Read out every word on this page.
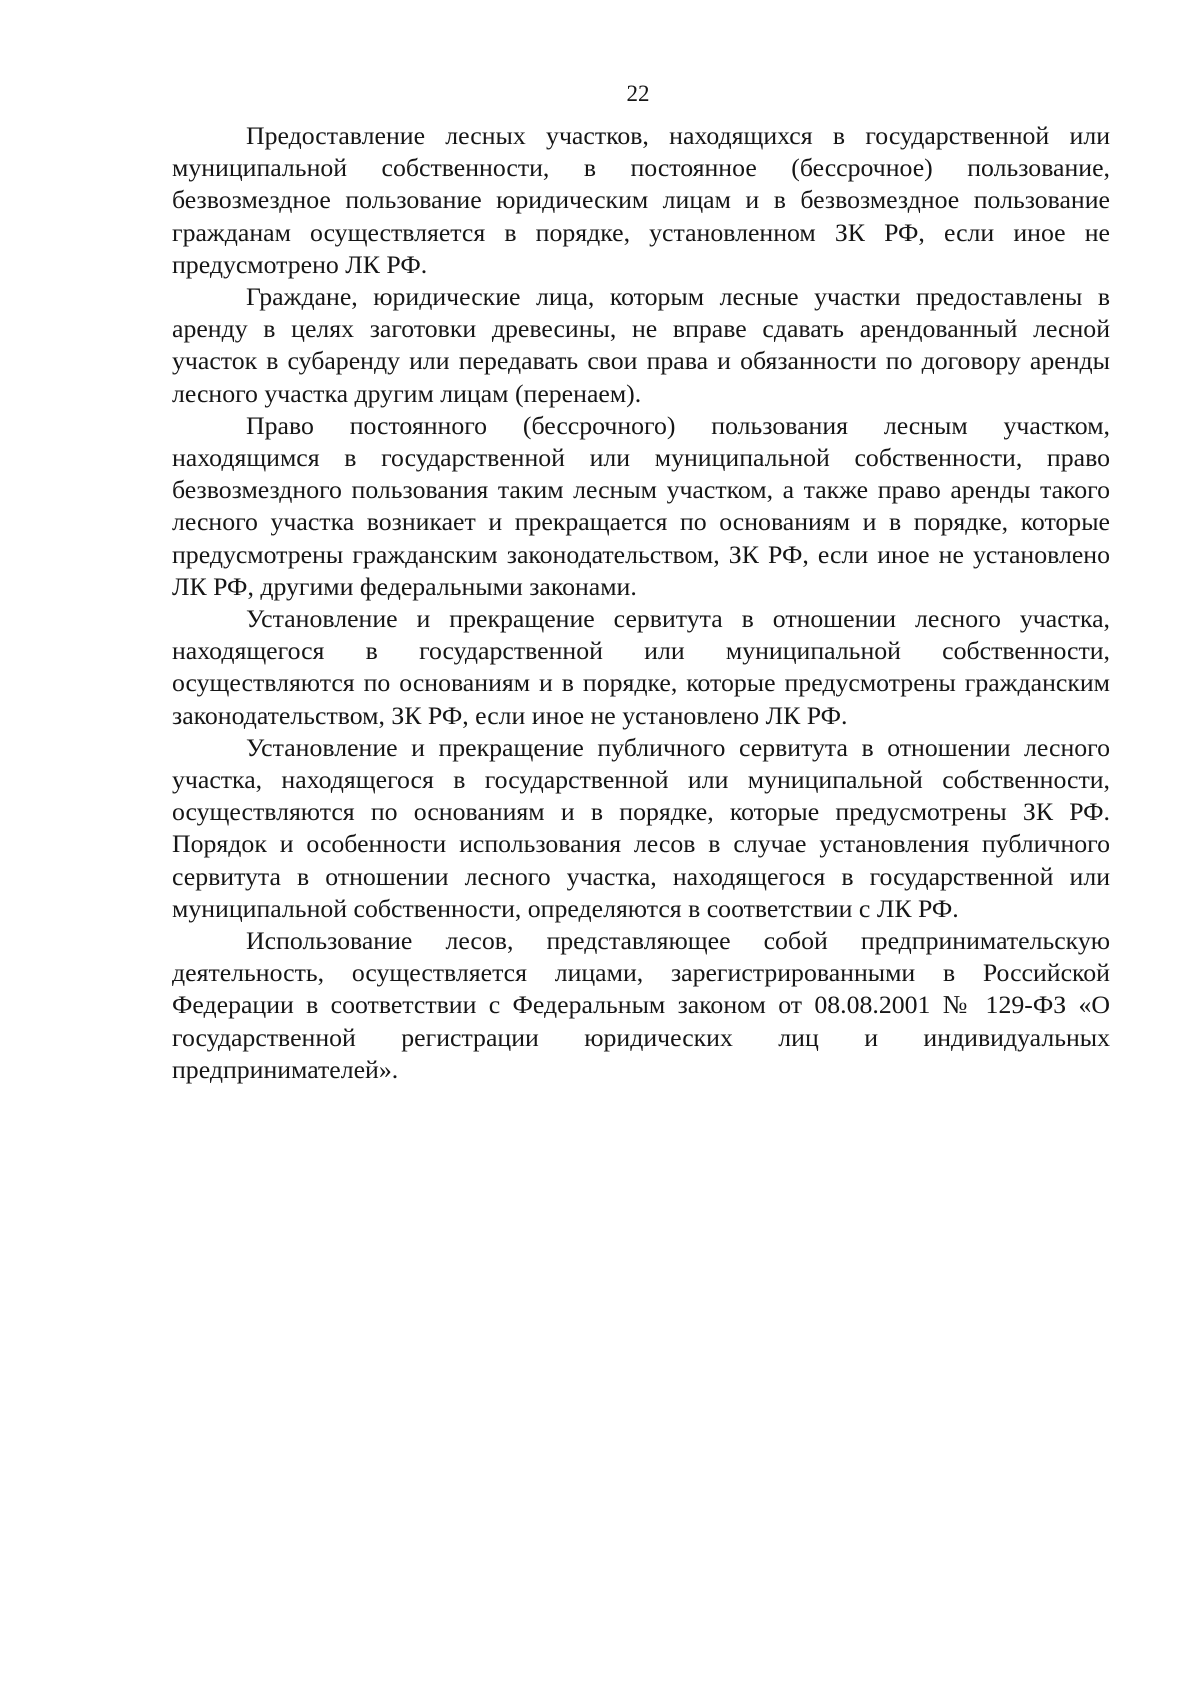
22

Предоставление лесных участков, находящихся в государственной или муниципальной собственности, в постоянное (бессрочное) пользование, безвозмездное пользование юридическим лицам и в безвозмездное пользование гражданам осуществляется в порядке, установленном ЗК РФ, если иное не предусмотрено ЛК РФ.

Граждане, юридические лица, которым лесные участки предоставлены в аренду в целях заготовки древесины, не вправе сдавать арендованный лесной участок в субаренду или передавать свои права и обязанности по договору аренды лесного участка другим лицам (перенаем).

Право постоянного (бессрочного) пользования лесным участком, находящимся в государственной или муниципальной собственности, право безвозмездного пользования таким лесным участком, а также право аренды такого лесного участка возникает и прекращается по основаниям и в порядке, которые предусмотрены гражданским законодательством, ЗК РФ, если иное не установлено ЛК РФ, другими федеральными законами.

Установление и прекращение сервитута в отношении лесного участка, находящегося в государственной или муниципальной собственности, осуществляются по основаниям и в порядке, которые предусмотрены гражданским законодательством, ЗК РФ, если иное не установлено ЛК РФ.

Установление и прекращение публичного сервитута в отношении лесного участка, находящегося в государственной или муниципальной собственности, осуществляются по основаниям и в порядке, которые предусмотрены ЗК РФ. Порядок и особенности использования лесов в случае установления публичного сервитута в отношении лесного участка, находящегося в государственной или муниципальной собственности, определяются в соответствии с ЛК РФ.

Использование лесов, представляющее собой предпринимательскую деятельность, осуществляется лицами, зарегистрированными в Российской Федерации в соответствии с Федеральным законом от 08.08.2001 № 129-ФЗ «О государственной регистрации юридических лиц и индивидуальных предпринимателей».
